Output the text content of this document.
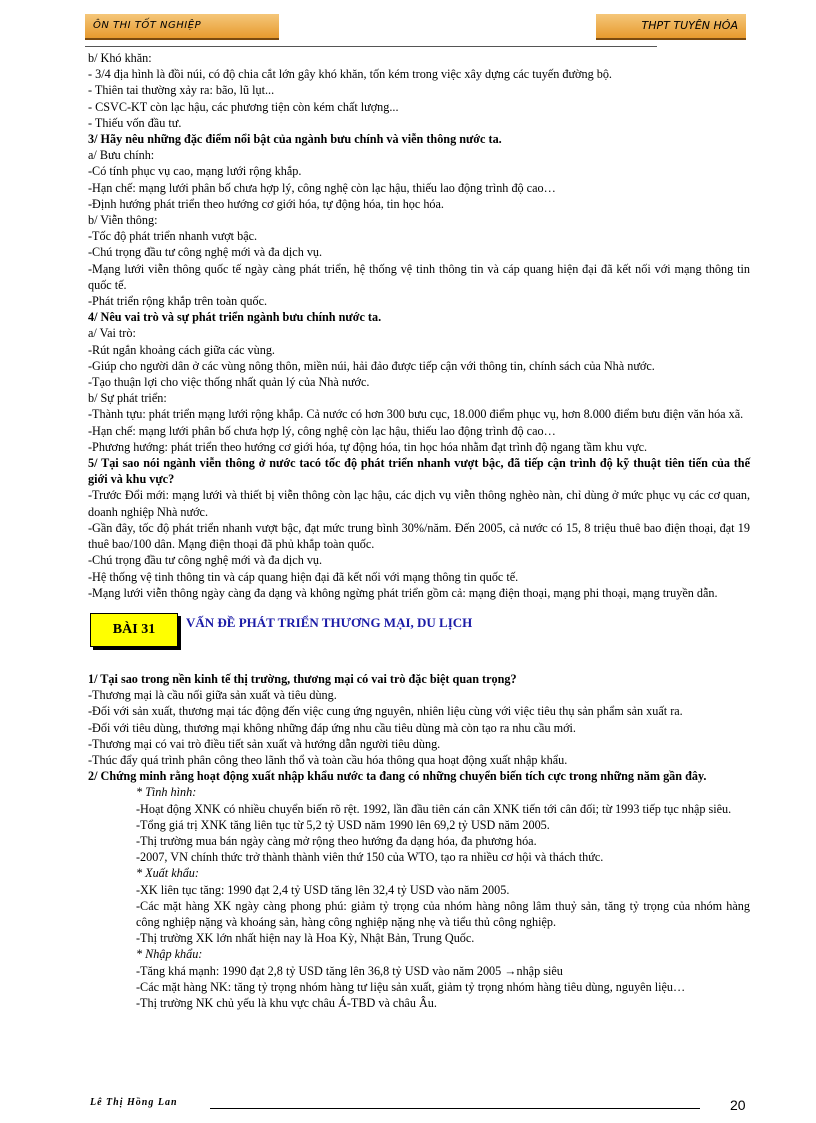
ÔN THI TỐT NGHIỆP	THPT TUYÊN HÓA

b/ Khó khăn:

- 3/4 địa hình là đồi núi, có độ chia cắt lớn gây khó khăn, tốn kém trong việc xây dựng các tuyến đường bộ.

- Thiên tai thường xảy ra: bão, lũ lụt...

- CSVC-KT còn lạc hậu, các phương tiện còn kém chất lượng...

- Thiếu vốn đầu tư.

3/ Hãy nêu những đặc điểm nổi bật của ngành bưu chính và viễn thông nước ta.

a/ Bưu chính:

-Có tính phục vụ cao, mạng lưới rộng khắp.

-Hạn chế: mạng lưới phân bố chưa hợp lý, công nghệ còn lạc hậu, thiếu lao động trình độ cao…

-Định hướng phát triển theo hướng cơ giới hóa, tự động hóa, tin học hóa.

b/ Viễn thông:

-Tốc độ phát triển nhanh vượt bậc.

-Chú trọng đầu tư công nghệ mới và đa dịch vụ.

-Mạng lưới viễn thông quốc tế ngày càng phát triển, hệ thống vệ tinh thông tin và cáp quang hiện đại đã kết nối với mạng thông tin quốc tế.

-Phát triển rộng khắp trên toàn quốc.

4/ Nêu vai trò và sự phát triển ngành bưu chính nước ta.

a/ Vai trò:

-Rút ngắn khoảng cách giữa các vùng.

-Giúp cho người dân ở các vùng nông thôn, miền núi, hải đảo được tiếp cận với thông tin, chính sách của Nhà nước.

-Tạo thuận lợi cho việc thống nhất quản lý của Nhà nước.

b/ Sự phát triển:

-Thành tựu: phát triển mạng lưới rộng khắp. Cả nước có hơn 300 bưu cục, 18.000 điểm phục vụ, hơn 8.000 điểm bưu điện văn hóa xã.

-Hạn chế: mạng lưới phân bố chưa hợp lý, công nghệ còn lạc hậu, thiếu lao động trình độ cao…

-Phương hướng: phát triển theo hướng cơ giới hóa, tự động hóa, tin học hóa nhằm đạt trình độ ngang tầm khu vực.

5/ Tại sao nói ngành viễn thông ở nước tacó tốc độ phát triển nhanh vượt bậc, đã tiếp cận trình độ kỹ thuật tiên tiến của thế giới và khu vực?

-Trước Đổi mới: mạng lưới và thiết bị viễn thông còn lạc hậu, các dịch vụ viễn thông nghèo nàn, chỉ dùng ở mức phục vụ các cơ quan, doanh nghiệp Nhà nước.

-Gần đây, tốc độ phát triển nhanh vượt bậc, đạt mức trung bình 30%/năm. Đến 2005, cả nước có 15, 8 triệu thuê bao điện thoại, đạt 19 thuê bao/100 dân. Mạng điện thoại đã phủ khắp toàn quốc.

-Chú trọng đầu tư công nghệ mới và đa dịch vụ.

-Hệ thống vệ tinh thông tin và cáp quang hiện đại đã kết nối với mạng thông tin quốc tế.

-Mạng lưới viễn thông ngày càng đa dạng và không ngừng phát triển gồm cả: mạng điện thoại, mạng phi thoại, mạng truyền dẫn.

BÀI 31	VẤN ĐỀ PHÁT TRIỂN THƯƠNG MẠI, DU LỊCH

1/ Tại sao trong nền kinh tế thị trường, thương mại có vai trò đặc biệt quan trọng?

-Thương mại là cầu nối giữa sản xuất và tiêu dùng.

-Đối với sản xuất, thương mại tác động đến việc cung ứng nguyên, nhiên liệu cùng với việc tiêu thụ sản phẩm sản xuất ra.

-Đối với tiêu dùng, thương mại không những đáp ứng nhu cầu tiêu dùng mà còn tạo ra nhu cầu mới.

-Thương mại có vai trò điều tiết sản xuất và hướng dẫn người tiêu dùng.

-Thúc đẩy quá trình phân công theo lãnh thổ và toàn cầu hóa thông qua hoạt động xuất nhập khẩu.

2/ Chứng minh rằng hoạt động xuất nhập khẩu nước ta đang có những chuyển biến tích cực trong những năm gần đây.

* Tình hình:

-Hoạt động XNK có nhiều chuyển biến rõ rệt. 1992, lần đầu tiên cán cân XNK tiến tới cân đối; từ 1993 tiếp tục nhập siêu.

-Tổng giá trị XNK tăng liên tục từ 5,2 tỷ USD năm 1990 lên 69,2 tỷ USD năm 2005.

-Thị trường mua bán ngày càng mở rộng theo hướng đa dạng hóa, đa phương hóa.

-2007, VN chính thức trở thành thành viên thứ 150 của WTO, tạo ra nhiều cơ hội và thách thức.

* Xuất khẩu:

-XK liên tục tăng: 1990 đạt 2,4 tỷ USD tăng lên 32,4 tỷ USD vào năm 2005.

-Các mặt hàng XK ngày càng phong phú: giảm tỷ trọng của nhóm hàng nông lâm thuỷ sản, tăng tỷ trọng của nhóm hàng công nghiệp nặng và khoáng sản, hàng công nghiệp nặng nhẹ và tiểu thủ công nghiệp.

-Thị trường XK lớn nhất hiện nay là Hoa Kỳ, Nhật Bản, Trung Quốc.

* Nhập khẩu:

-Tăng khá mạnh: 1990 đạt 2,8 tỷ USD tăng lên 36,8 tỷ USD vào năm 2005 →nhập siêu

-Các mặt hàng NK: tăng tỷ trọng nhóm hàng tư liệu sản xuất, giảm tỷ trọng nhóm hàng tiêu dùng, nguyên liệu…

-Thị trường NK chủ yếu là khu vực châu Á-TBD và châu Âu.

Lê Thị Hồng Lan	20
